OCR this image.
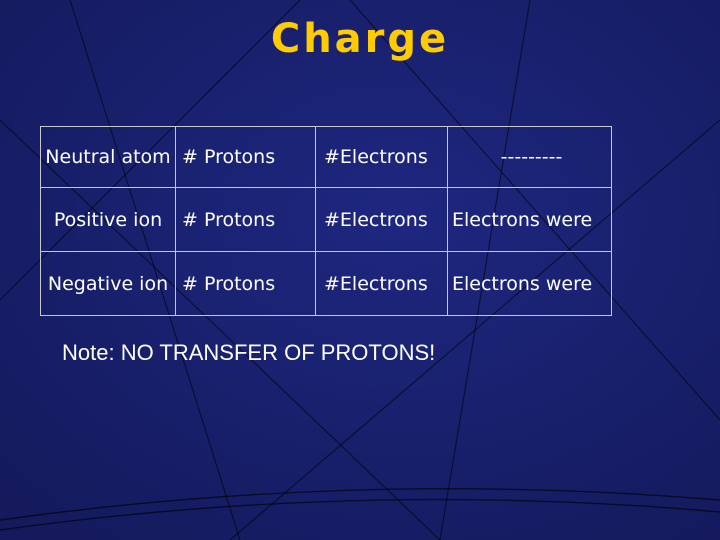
Charge
Neutral atom	# Protons	#Electrons	---------
Positive ion	# Protons	#Electrons	Electrons were
Negative ion	# Protons	#Electrons	Electrons were

Note: NO TRANSFER OF PROTONS!
